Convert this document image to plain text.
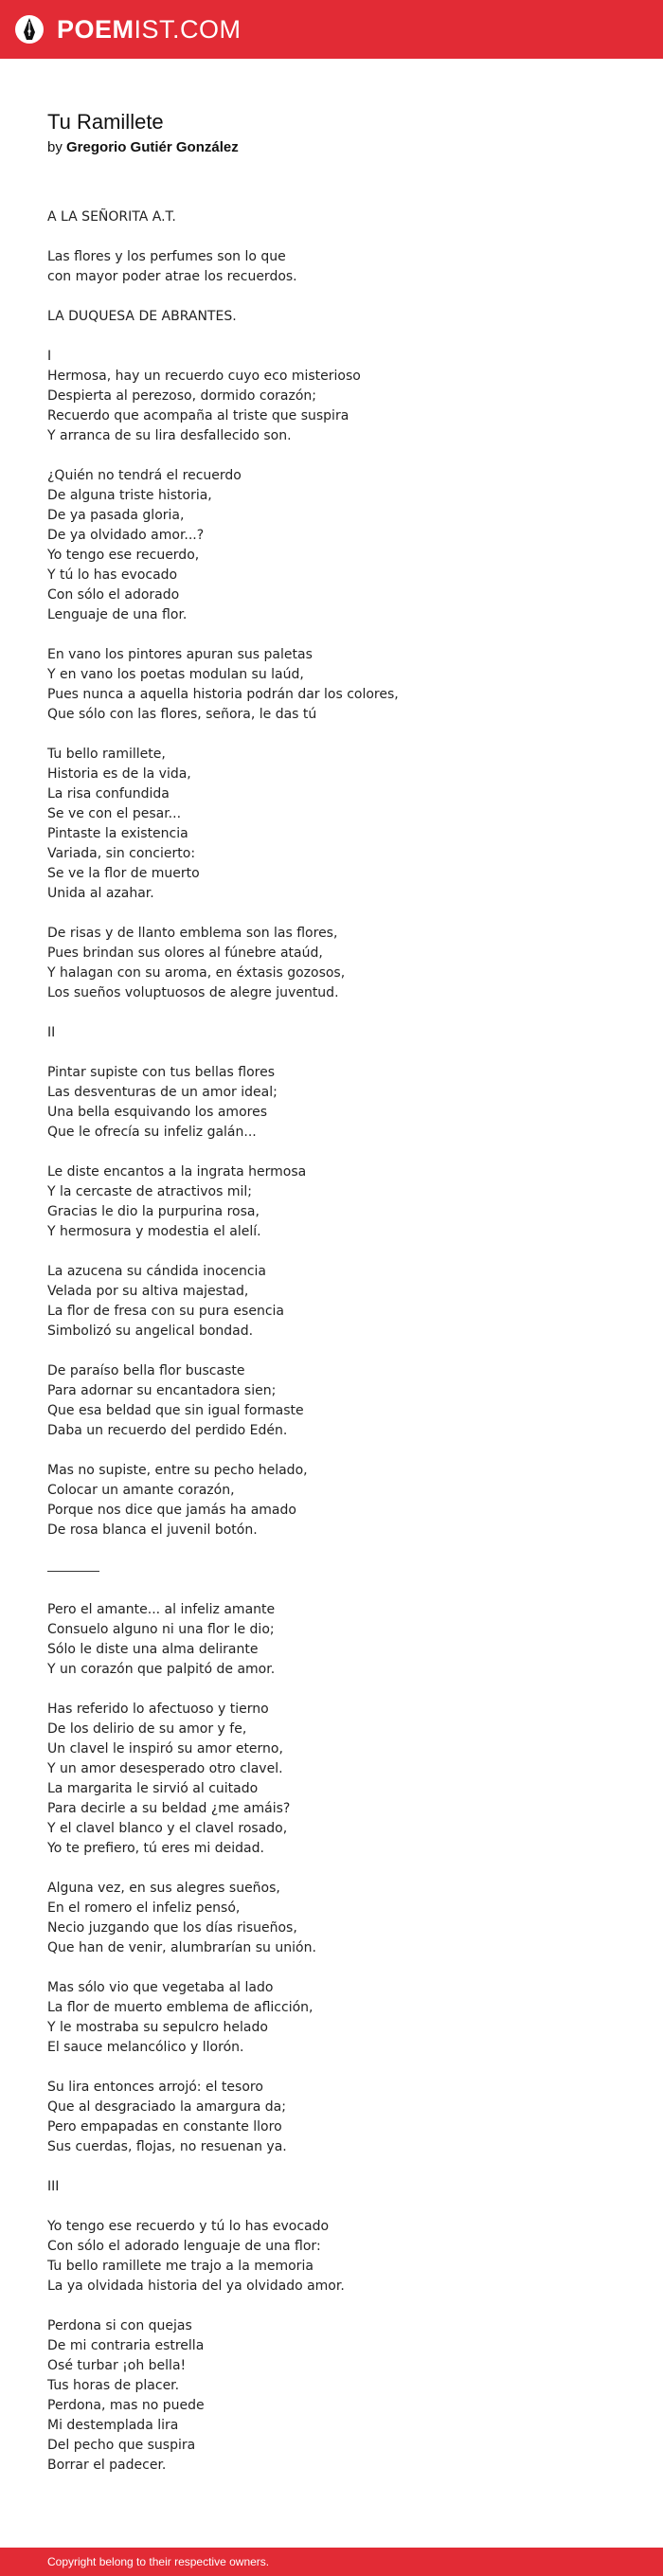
POEMIST.COM
Tu Ramillete
by Gregorio Gutiér González
A LA SEÑORITA A.T.
Las flores y los perfumes son lo que
con mayor poder atrae los recuerdos.
LA DUQUESA DE ABRANTES.
I
Hermosa, hay un recuerdo cuyo eco misterioso
Despierta al perezoso, dormido corazón;
Recuerdo que acompaña al triste que suspira
Y arranca de su lira desfallecido son.
¿Quién no tendrá el recuerdo
De alguna triste historia,
De ya pasada gloria,
De ya olvidado amor...?
Yo tengo ese recuerdo,
Y tú lo has evocado
Con sólo el adorado
Lenguaje de una flor.
En vano los pintores apuran sus paletas
Y en vano los poetas modulan su laúd,
Pues nunca a aquella historia podrán dar los colores,
Que sólo con las flores, señora, le das tú
Tu bello ramillete,
Historia es de la vida,
La risa confundida
Se ve con el pesar...
Pintaste la existencia
Variada, sin concierto:
Se ve la flor de muerto
Unida al azahar.
De risas y de llanto emblema son las flores,
Pues brindan sus olores al fúnebre ataúd,
Y halagan con su aroma, en éxtasis gozosos,
Los sueños voluptuosos de alegre juventud.
II
Pintar supiste con tus bellas flores
Las desventuras de un amor ideal;
Una bella esquivando los amores
Que le ofrecía su infeliz galán...
Le diste encantos a la ingrata hermosa
Y la cercaste de atractivos mil;
Gracias le dio la purpurina rosa,
Y hermosura y modestia el alelí.
La azucena su cándida inocencia
Velada por su altiva majestad,
La flor de fresa con su pura esencia
Simbolizó su angelical bondad.
De paraíso bella flor buscaste
Para adornar su encantadora sien;
Que esa beldad que sin igual formaste
Daba un recuerdo del perdido Edén.
Mas no supiste, entre su pecho helado,
Colocar un amante corazón,
Porque nos dice que jamás ha amado
De rosa blanca el juvenil botón.
Pero el amante... al infeliz amante
Consuelo alguno ni una flor le dio;
Sólo le diste una alma delirante
Y un corazón que palpitó de amor.
Has referido lo afectuoso y tierno
De los delirio de su amor y fe,
Un clavel le inspiró su amor eterno,
Y un amor desesperado otro clavel.
La margarita le sirvió al cuitado
Para decirle a su beldad ¿me amáis?
Y el clavel blanco y el clavel rosado,
Yo te prefiero, tú eres mi deidad.
Alguna vez, en sus alegres sueños,
En el romero el infeliz pensó,
Necio juzgando que los días risueños,
Que han de venir, alumbrarían su unión.
Mas sólo vio que vegetaba al lado
La flor de muerto emblema de aflicción,
Y le mostraba su sepulcro helado
El sauce melancólico y llorón.
Su lira entonces arrojó: el tesoro
Que al desgraciado la amargura da;
Pero empapadas en constante lloro
Sus cuerdas, flojas, no resuenan ya.
III
Yo tengo ese recuerdo y tú lo has evocado
Con sólo el adorado lenguaje de una flor:
Tu bello ramillete me trajo a la memoria
La ya olvidada historia del ya olvidado amor.
Perdona si con quejas
De mi contraria estrella
Osé turbar ¡oh bella!
Tus horas de placer.
Perdona, mas no puede
Mi destemplada lira
Del pecho que suspira
Borrar el padecer.
Copyright belong to their respective owners.
